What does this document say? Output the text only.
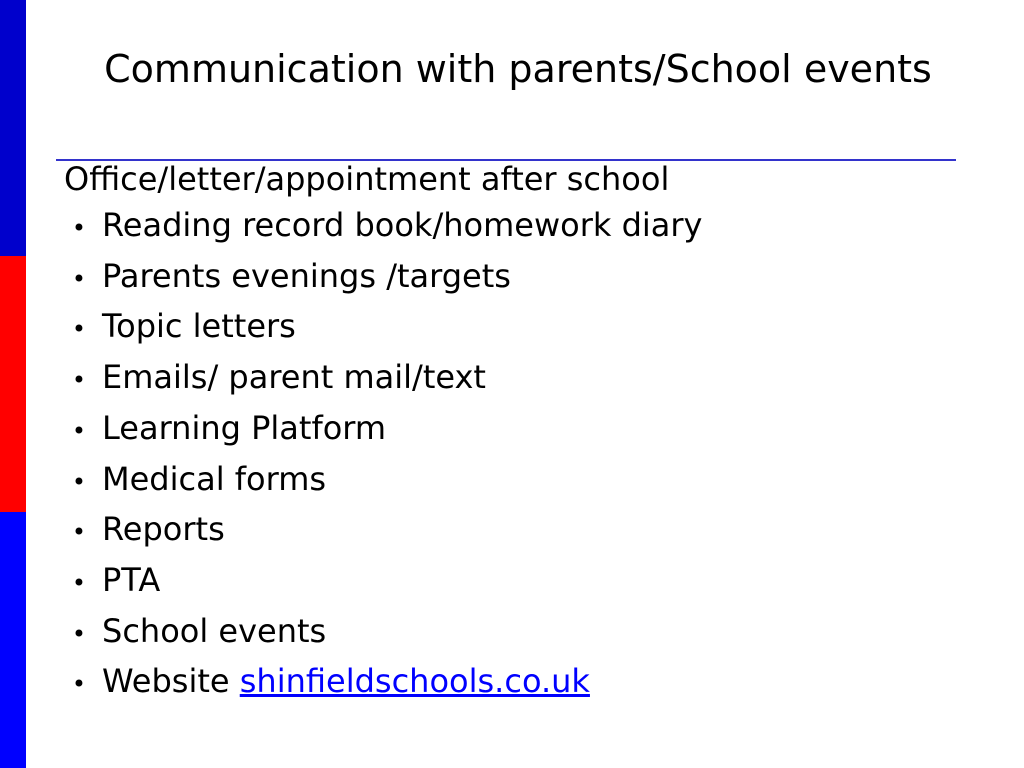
Communication with parents/School events

Office/letter/appointment after school

• Reading record book/homework diary
• Parents evenings /targets
• Topic letters
• Emails/ parent mail/text
• Learning Platform
• Medical forms
• Reports
• PTA
• School events
• Website shinfieldschools.co.uk
